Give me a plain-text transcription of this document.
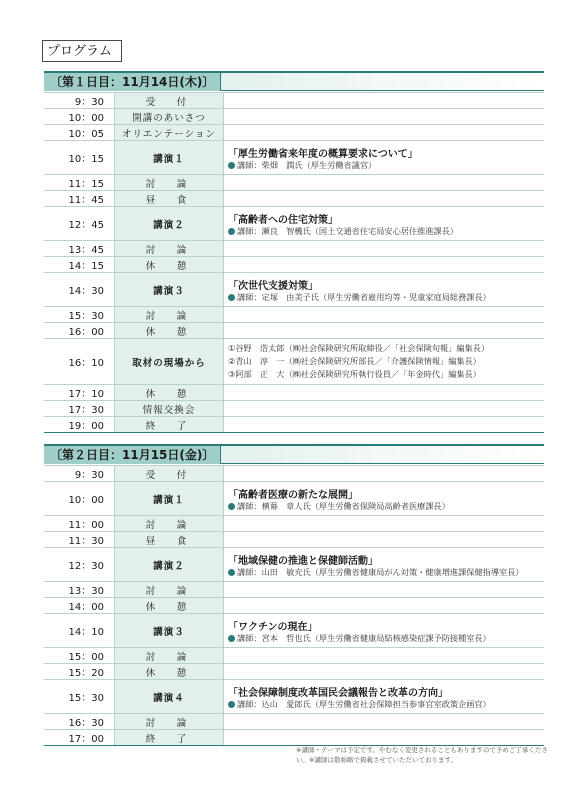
プログラム
〔第１日目：11月14日(木)〕
9：30	受　付
10：00	開講のあいさつ
10：05	オリエンテーション
10：15	講演１	「厚生労働省来年度の概算要求について」
講師：柴畑　潤氏（厚生労働省議官）
11：15	討　論
11：45	昼　食
12：45	講演２	「高齢者への住宅対策」
講師：瀬良　智機氏（国土交通省住宅局安心居住推進課長）
13：45	討　論
14：15	休　憩
14：30	講演３	「次世代支援対策」
講師：定塚　由美子氏（厚生労働省雇用均等・児童家庭局総務課長）
15：30	討　論
16：00	休　憩
16：10	取材の現場から
①谷野　浩太郎（㈱社会保険研究所取締役／「社会保険旬報」編集長）
②青山　淳　一（㈱社会保険研究所部長／「介護保険情報」編集長）
③阿部　正　大（㈱社会保険研究所執行役員／「年金時代」編集長）
17：10	休　憩
17：30	情報交換会
19：00	終　了
〔第２日目：11月15日(金)〕
9：30	受　付
10：00	講演１	「高齢者医療の新たな展開」
講師：横幕　章人氏（厚生労働省保険局高齢者医療課長）
11：00	討　論
11：30	昼　食
12：30	講演２	「地域保健の推進と保健師活動」
講師：山田　敏充氏（厚生労働省健康局がん対策・健康増進課保健指導室長）
13：30	討　論
14：00	休　憩
14：10	講演３	「ワクチンの現在」
講師：宮本　哲也氏（厚生労働省健康局結核感染症課予防接種室長）
15：00	討　論
15：20	休　憩
15：30	講演４	「社会保障制度改革国民会議報告と改革の方向」
講師：込山　愛郎氏（厚生労働省社会保障担当参事官室政策企画官）
16：30	討　論
17：00	終　了
※講師・テーマは予定です。やむなく変更されることもありますので予めご了承ください。※講師は敬称略で掲載させていただいております。
